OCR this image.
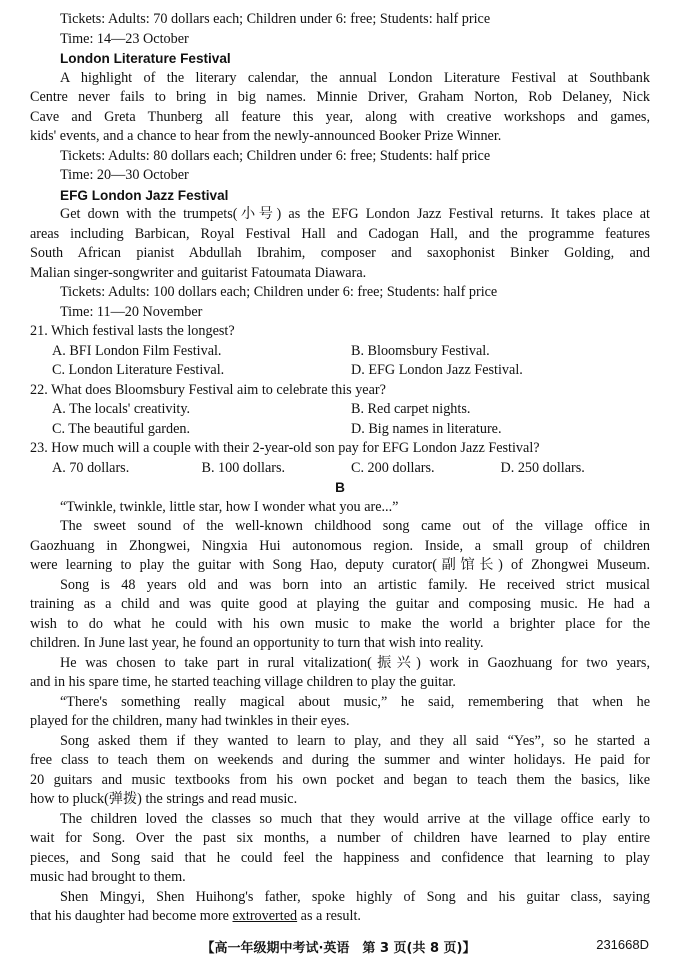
Tickets: Adults: 70 dollars each; Children under 6: free; Students: half price
Time: 14—23 October
London Literature Festival
A highlight of the literary calendar, the annual London Literature Festival at Southbank
Centre never fails to bring in big names. Minnie Driver, Graham Norton, Rob Delaney, Nick
Cave and Greta Thunberg all feature this year, along with creative workshops and games,
kids' events, and a chance to hear from the newly-announced Booker Prize Winner.
Tickets: Adults: 80 dollars each; Children under 6: free; Students: half price
Time: 20—30 October
EFG London Jazz Festival
Get down with the trumpets(小号) as the EFG London Jazz Festival returns. It takes place at
areas including Barbican, Royal Festival Hall and Cadogan Hall, and the programme features
South African pianist Abdullah Ibrahim, composer and saxophonist Binker Golding, and
Malian singer-songwriter and guitarist Fatoumata Diawara.
Tickets: Adults: 100 dollars each; Children under 6: free; Students: half price
Time: 11—20 November
21. Which festival lasts the longest?
A. BFI London Film Festival.	B. Bloomsbury Festival.
C. London Literature Festival.	D. EFG London Jazz Festival.
22. What does Bloomsbury Festival aim to celebrate this year?
A. The locals' creativity.	B. Red carpet nights.
C. The beautiful garden.	D. Big names in literature.
23. How much will a couple with their 2-year-old son pay for EFG London Jazz Festival?
A. 70 dollars.	B. 100 dollars.	C. 200 dollars.	D. 250 dollars.
B
“Twinkle, twinkle, little star, how I wonder what you are...”
The sweet sound of the well-known childhood song came out of the village office in
Gaozhuang in Zhongwei, Ningxia Hui autonomous region. Inside, a small group of children
were learning to play the guitar with Song Hao, deputy curator(副馆长) of Zhongwei Museum.
Song is 48 years old and was born into an artistic family. He received strict musical
training as a child and was quite good at playing the guitar and composing music. He had a
wish to do what he could with his own music to make the world a brighter place for the
children. In June last year, he found an opportunity to turn that wish into reality.
He was chosen to take part in rural vitalization(振兴) work in Gaozhuang for two years,
and in his spare time, he started teaching village children to play the guitar.
“There's something really magical about music,” he said, remembering that when he
played for the children, many had twinkles in their eyes.
Song asked them if they wanted to learn to play, and they all said “Yes”, so he started a
free class to teach them on weekends and during the summer and winter holidays. He paid for
20 guitars and music textbooks from his own pocket and began to teach them the basics, like
how to pluck(弹拨) the strings and read music.
The children loved the classes so much that they would arrive at the village office early to
wait for Song. Over the past six months, a number of children have learned to play entire
pieces, and Song said that he could feel the happiness and confidence that learning to play
music had brought to them.
Shen Mingyi, Shen Huihong's father, spoke highly of Song and his guitar class, saying
that his daughter had become more extroverted as a result.
【高一年级期中考试·英语　第 3 页(共 8 页)】	231668D
